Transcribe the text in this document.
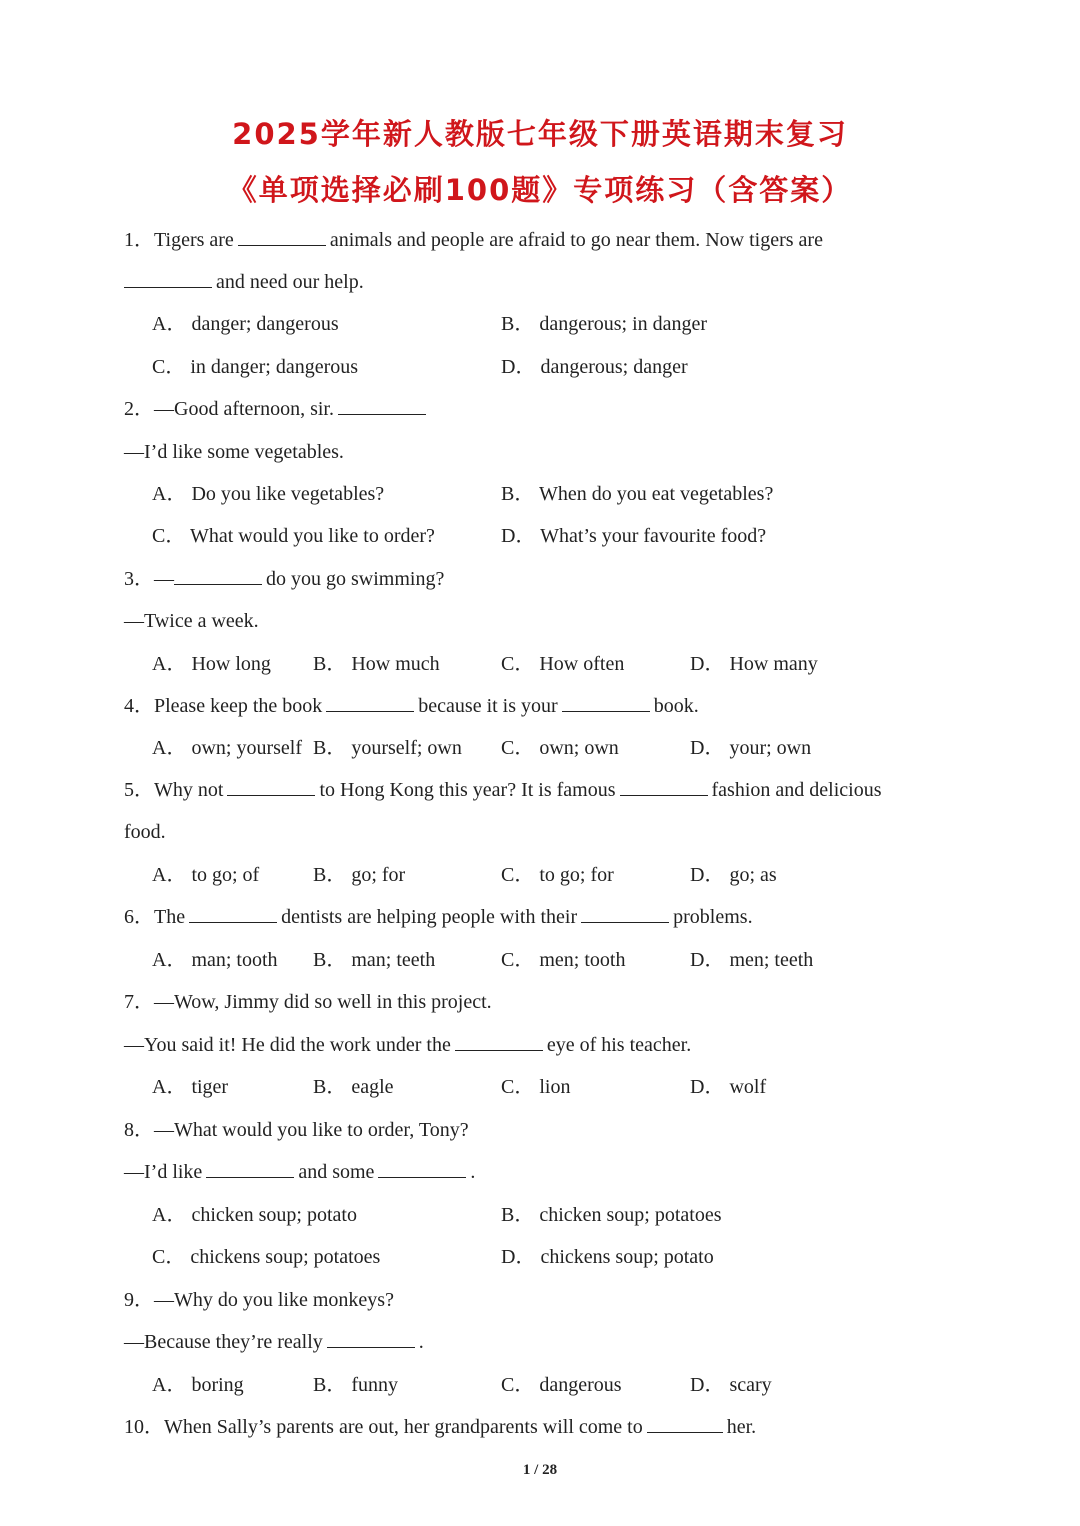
2025学年新人教版七年级下册英语期末复习
《单项选择必刷100题》专项练习（含答案）
1．Tigers are	animals and people are afraid to go near them. Now tigers are
and need our help.
A． danger; dangerous	B． dangerous; in danger
C． in danger; dangerous	D． dangerous; danger
2．—Good afternoon, sir.
—I’d like some vegetables.
A． Do you like vegetables?	B． When do you eat vegetables?
C． What would you like to order?	D． What’s your favourite food?
3．—	do you go swimming?
—Twice a week.
A． How long B． How much	C． How often	D． How many
4．Please keep the book	because it is your	book.
A． own; yourself B． yourself; own C． own; own	D． your; own
5．Why not	to Hong Kong this year? It is famous	fashion and delicious
food.
A． to go; of	B． go; for	C． to go; for	D． go; as
6．The	dentists are helping people with their	problems.
A． man; tooth B． man; teeth	C． men; tooth	D． men; teeth
7．—Wow, Jimmy did so well in this project.
—You said it! He did the work under the	eye of his teacher.
A． tiger	B． eagle	C． lion	D． wolf
8．—What would you like to order, Tony?
—I’d like	and some	.
A． chicken soup; potato	B． chicken soup; potatoes
C． chickens soup; potatoes	D． chickens soup; potato
9．—Why do you like monkeys?
—Because they’re really	.
A． boring	B． funny	C． dangerous	D． scary
10．When Sally’s parents are out, her grandparents will come to	her.
1 / 28
